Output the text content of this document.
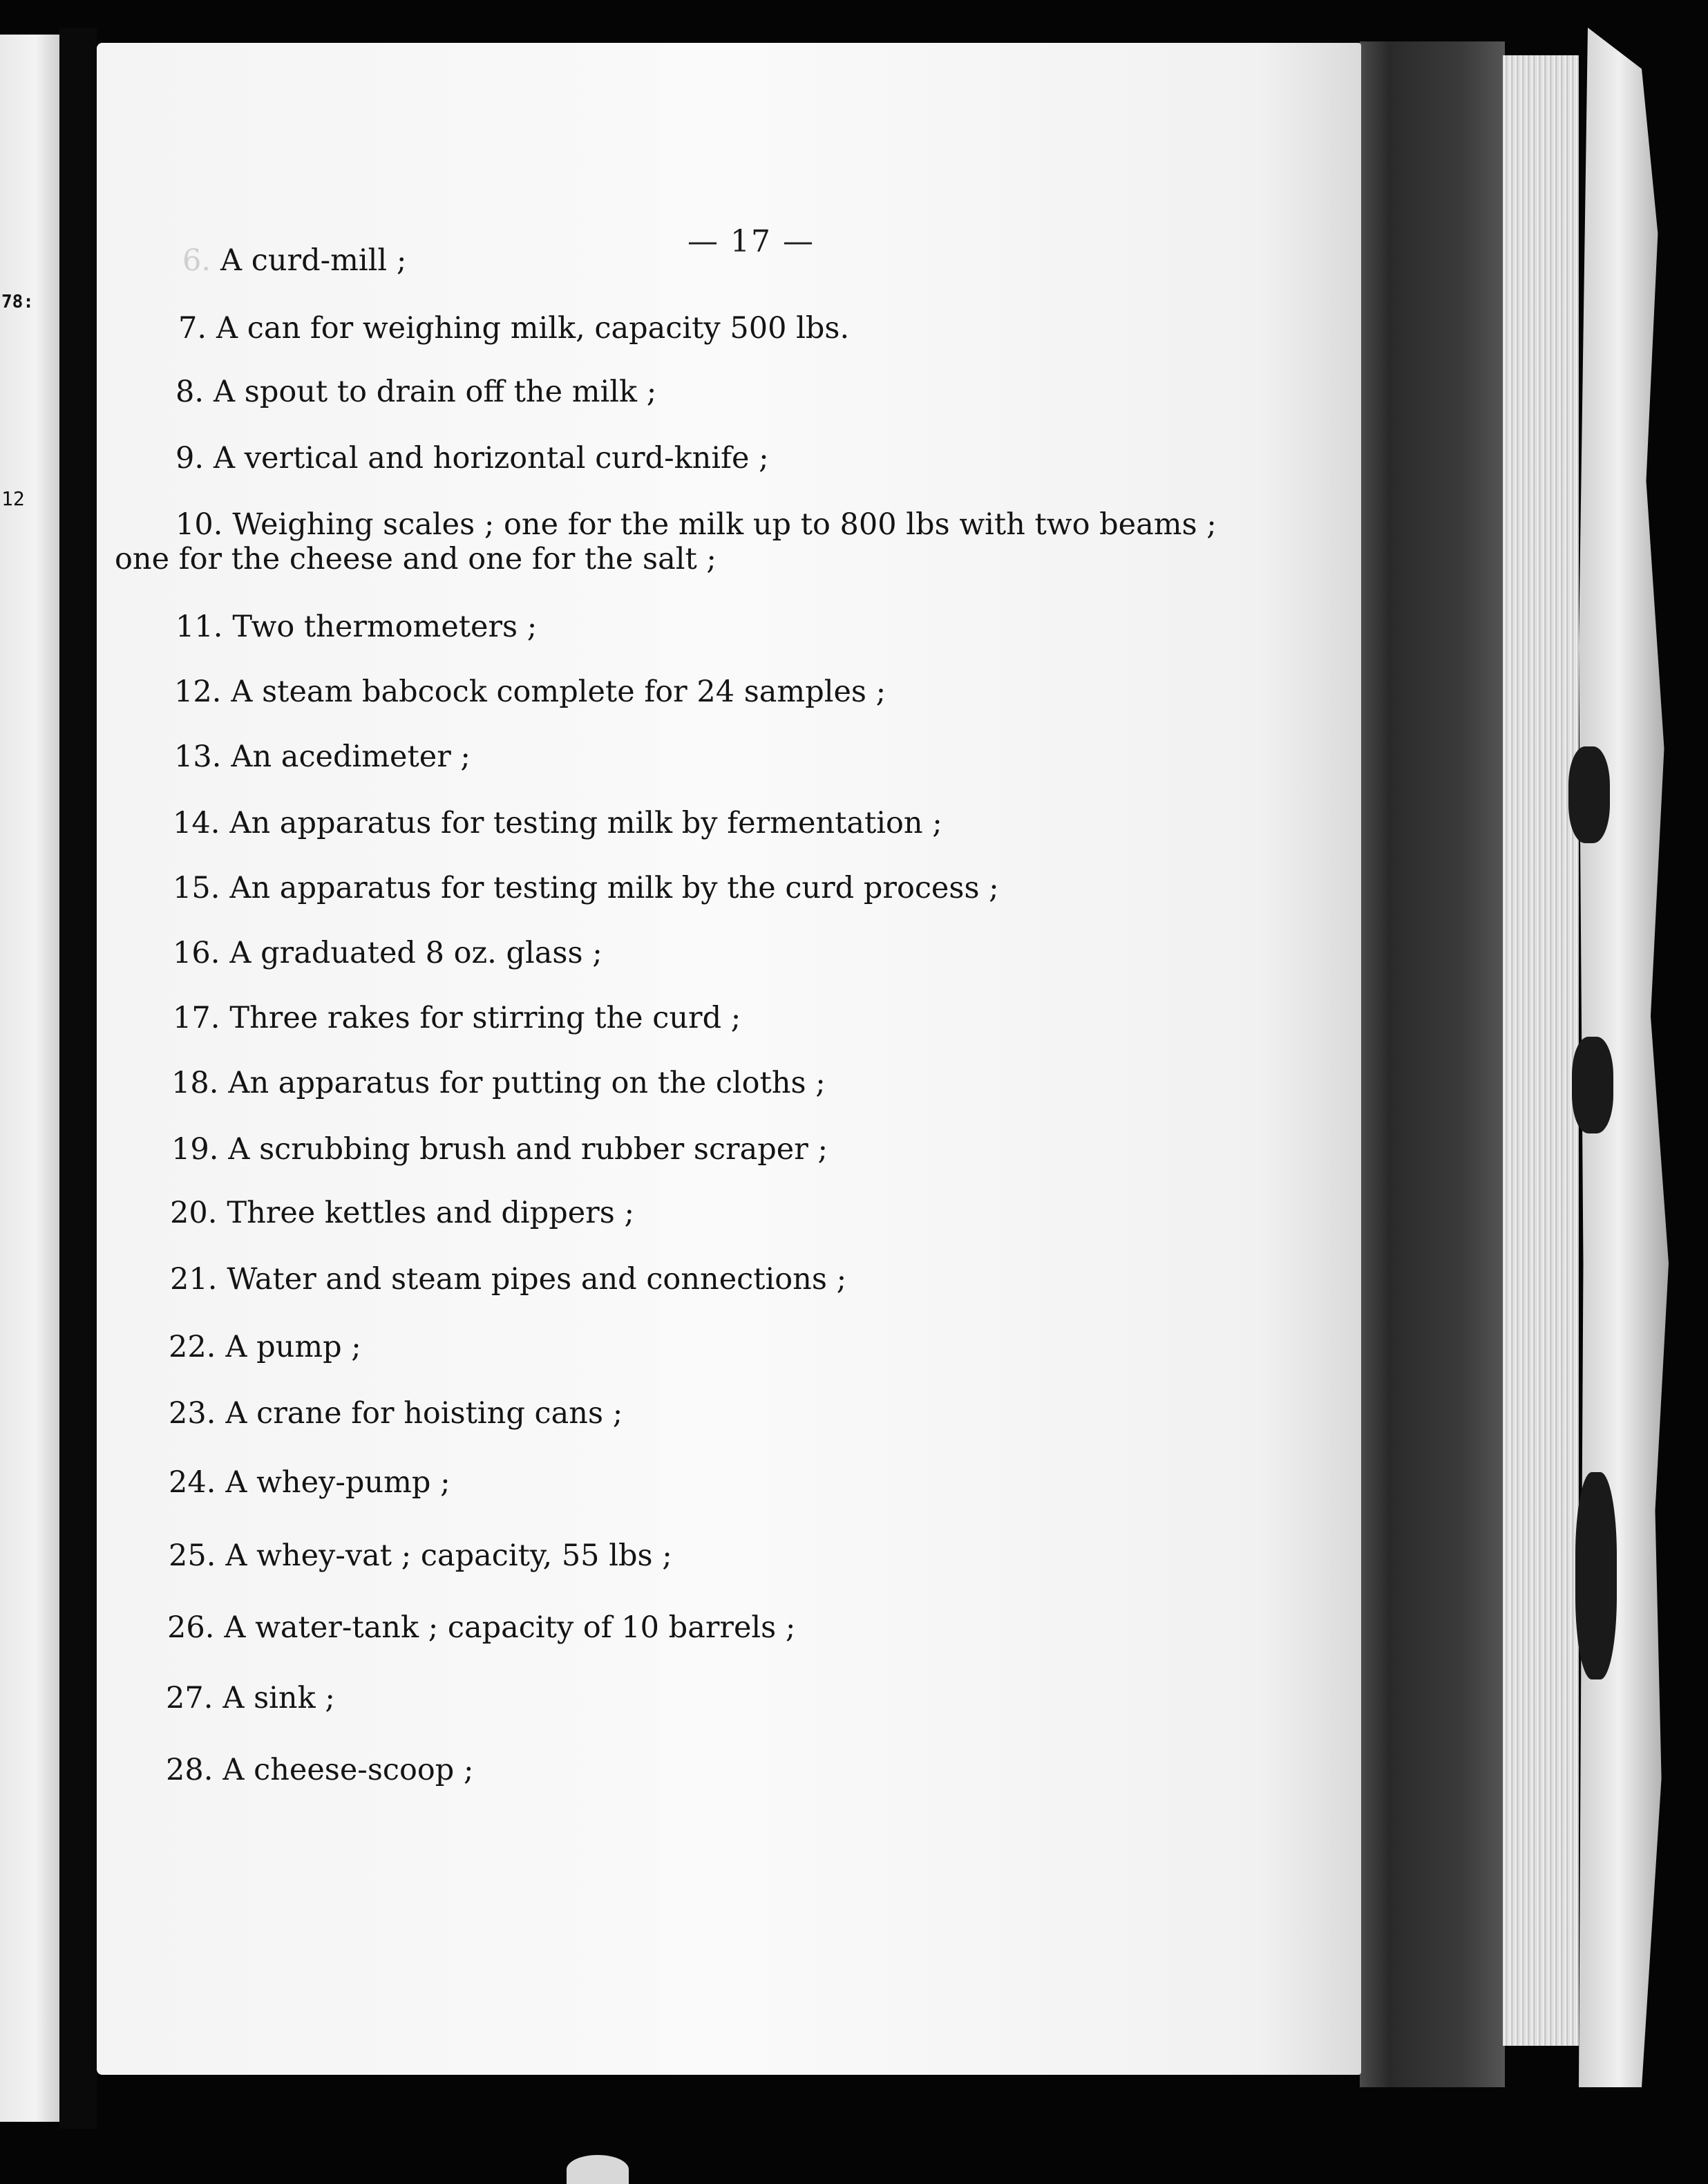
78:
12
— 17 —
6. A curd-mill ;
7. A can for weighing milk, capacity 500 lbs.
8. A spout to drain off the milk ;
9. A vertical and horizontal curd-knife ;
10. Weighing scales ; one for the milk up to 800 lbs with two beams ;
one for the cheese and one for the salt ;
11. Two thermometers ;
12. A steam babcock complete for 24 samples ;
13. An acedimeter ;
14. An apparatus for testing milk by fermentation ;
15. An apparatus for testing milk by the curd process ;
16. A graduated 8 oz. glass ;
17. Three rakes for stirring the curd ;
18. An apparatus for putting on the cloths ;
19. A scrubbing brush and rubber scraper ;
20. Three kettles and dippers ;
21. Water and steam pipes and connections ;
22. A pump ;
23. A crane for hoisting cans ;
24. A whey-pump ;
25. A whey-vat ; capacity, 55 lbs ;
26. A water-tank ; capacity of 10 barrels ;
27. A sink ;
28. A cheese-scoop ;
